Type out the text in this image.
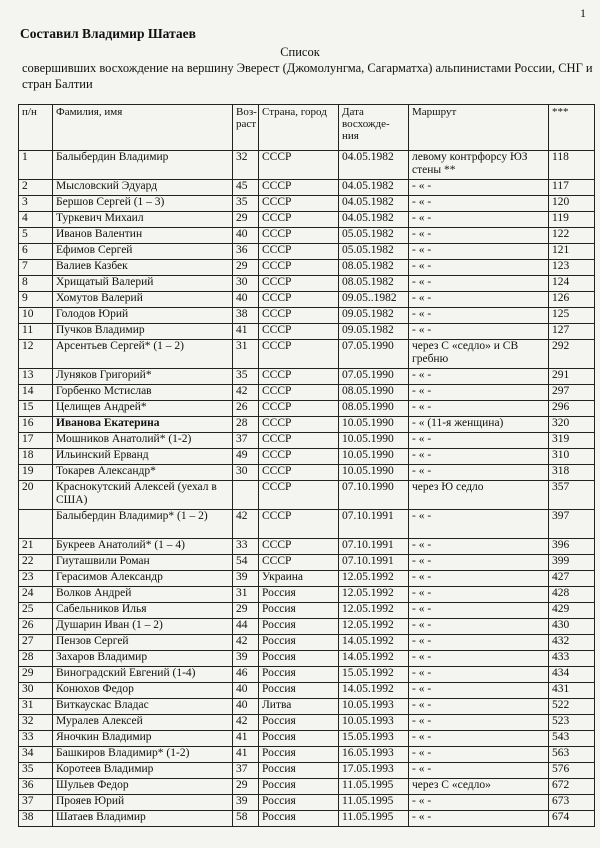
1
Составил Владимир Шатаев
Список
совершивших восхождение на вершину Эверест (Джомолунгма, Сагарматха) альпинистами России, СНГ и стран Балтии
п/н	Фамилия, имя	Воз-раст	Страна, город	Дата восхожде-ния	Маршрут	***
1	Балыбердин Владимир	32	СССР	04.05.1982	левому контрфорсу ЮЗ стены **	118
2	Мысловский Эдуард	45	СССР	04.05.1982	- « -	117
3	Бершов Сергей (1 – 3)	35	СССР	04.05.1982	- « -	120
4	Туркевич Михаил	29	СССР	04.05.1982	- « -	119
5	Иванов Валентин	40	СССР	05.05.1982	- « -	122
6	Ефимов Сергей	36	СССР	05.05.1982	- « -	121
7	Валиев Казбек	29	СССР	08.05.1982	- « -	123
8	Хрищатый Валерий	30	СССР	08.05.1982	- « -	124
9	Хомутов Валерий	40	СССР	09.05..1982	- « -	126
10	Голодов Юрий	38	СССР	09.05.1982	- « -	125
11	Пучков Владимир	41	СССР	09.05.1982	- « -	127
12	Арсентьев Сергей* (1 – 2)	31	СССР	07.05.1990	через С «седло» и СВ гребню	292
13	Луняков Григорий*	35	СССР	07.05.1990	- « -	291
14	Горбенко Мстислав	42	СССР	08.05.1990	- « -	297
15	Целищев Андрей*	26	СССР	08.05.1990	- « -	296
16	Иванова Екатерина	28	СССР	10.05.1990	- « (11-я женщина)	320
17	Мошников Анатолий* (1-2)	37	СССР	10.05.1990	- « -	319
18	Ильинский Ерванд	49	СССР	10.05.1990	- « -	310
19	Токарев Александр*	30	СССР	10.05.1990	- « -	318
20	Краснокутский Алексей (уехал в США)		СССР	07.10.1990	через Ю седло	357
	Балыбердин Владимир* (1 – 2)	42	СССР	07.10.1991	- « -	397
21	Букреев Анатолий* (1 – 4)	33	СССР	07.10.1991	- « -	396
22	Гиуташвили Роман	54	СССР	07.10.1991	- « -	399
23	Герасимов Александр	39	Украина	12.05.1992	- « -	427
24	Волков Андрей	31	Россия	12.05.1992	- « -	428
25	Сабельников Илья	29	Россия	12.05.1992	- « -	429
26	Душарин Иван (1 – 2)	44	Россия	12.05.1992	- « -	430
27	Пензов Сергей	42	Россия	14.05.1992	- « -	432
28	Захаров Владимир	39	Россия	14.05.1992	- « -	433
29	Виноградский Евгений (1-4)	46	Россия	15.05.1992	- « -	434
30	Конюхов Федор	40	Россия	14.05.1992	- « -	431
31	Виткаускас Владас	40	Литва	10.05.1993	- « -	522
32	Муралев Алексей	42	Россия	10.05.1993	- « -	523
33	Яночкин Владимир	41	Россия	15.05.1993	- « -	543
34	Башкиров Владимир* (1-2)	41	Россия	16.05.1993	- « -	563
35	Коротеев Владимир	37	Россия	17.05.1993	- « -	576
36	Шульев Федор	29	Россия	11.05.1995	через С «седло»	672
37	Прояев Юрий	39	Россия	11.05.1995	- « -	673
38	Шатаев Владимир	58	Россия	11.05.1995	- « -	674
